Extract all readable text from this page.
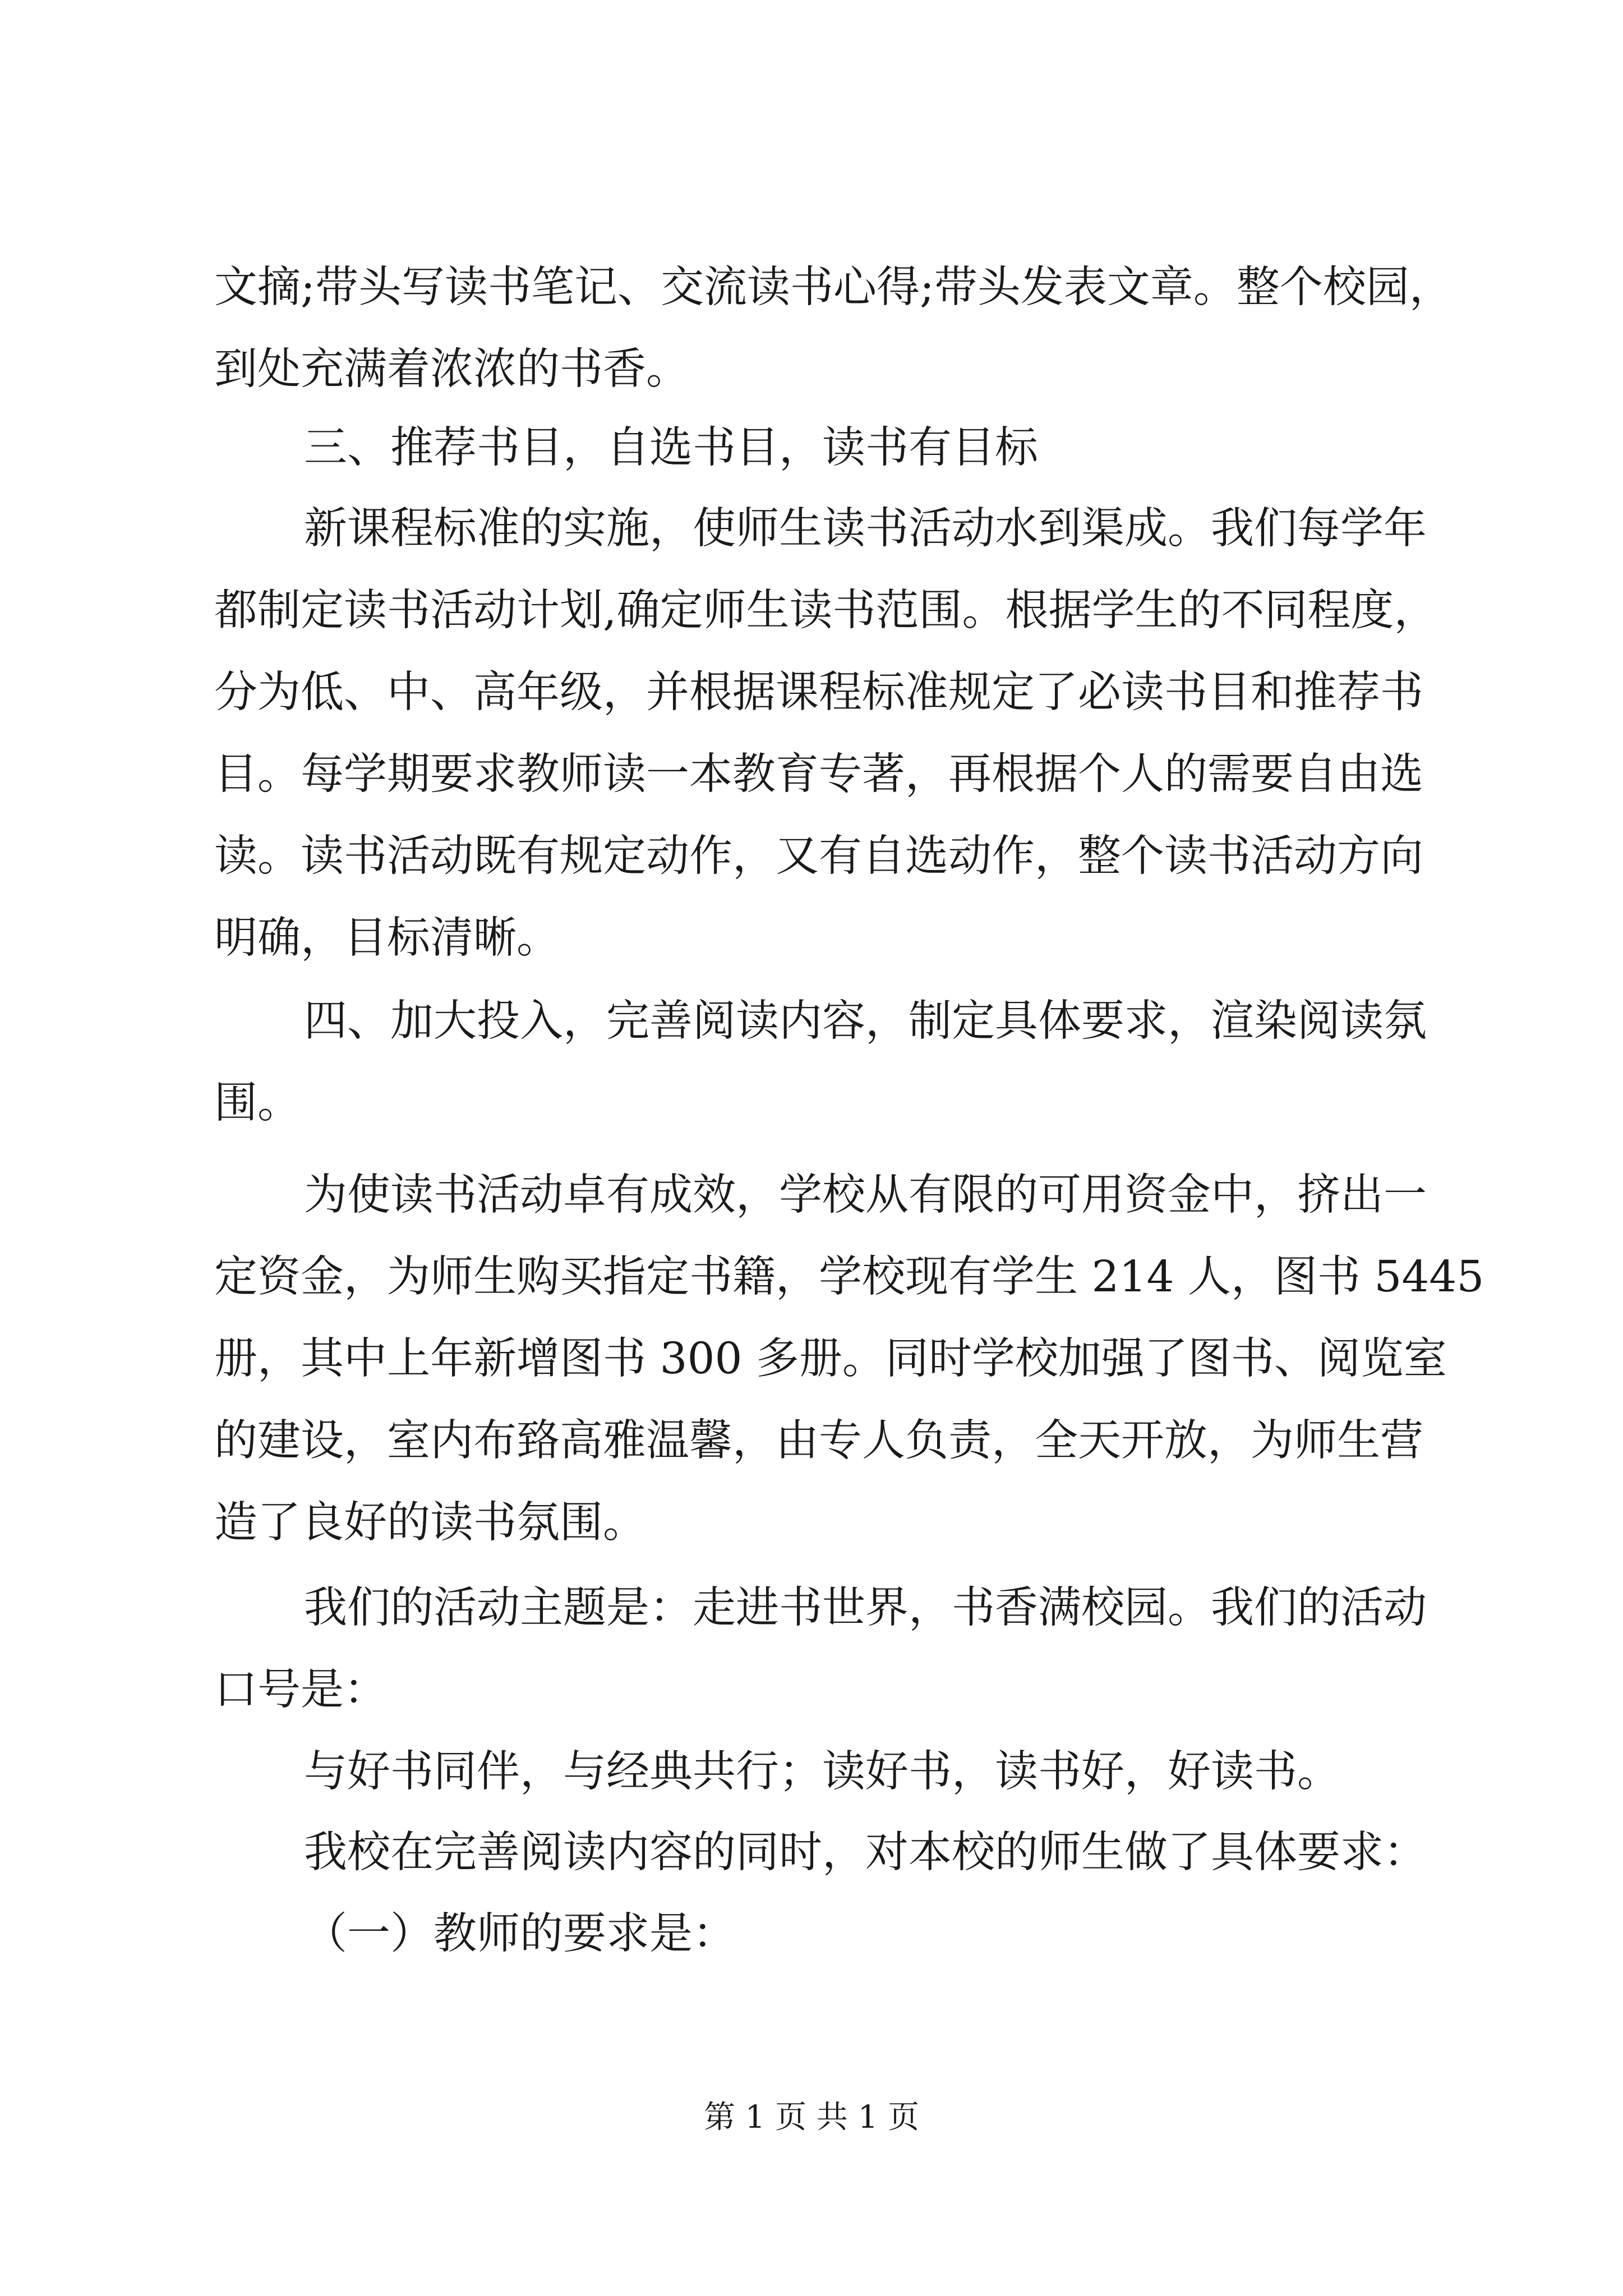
文摘;带头写读书笔记、交流读书心得;带头发表文章。整个校园，
到处充满着浓浓的书香。
三、推荐书目，自选书目，读书有目标
新课程标准的实施，使师生读书活动水到渠成。我们每学年
都制定读书活动计划,确定师生读书范围。根据学生的不同程度，
分为低、中、高年级，并根据课程标准规定了必读书目和推荐书
目。每学期要求教师读一本教育专著，再根据个人的需要自由选
读。读书活动既有规定动作，又有自选动作，整个读书活动方向
明确，目标清晰。
四、加大投入，完善阅读内容，制定具体要求，渲染阅读氛
围。
为使读书活动卓有成效，学校从有限的可用资金中，挤出一
定资金，为师生购买指定书籍，学校现有学生 214 人，图书 5445
册，其中上年新增图书 300 多册。同时学校加强了图书、阅览室
的建设，室内布臵高雅温馨，由专人负责，全天开放，为师生营
造了良好的读书氛围。
我们的活动主题是：走进书世界，书香满校园。我们的活动
口号是：
与好书同伴，与经典共行；读好书，读书好，好读书。
我校在完善阅读内容的同时，对本校的师生做了具体要求：
（一）教师的要求是：
第 1 页 共 1 页
